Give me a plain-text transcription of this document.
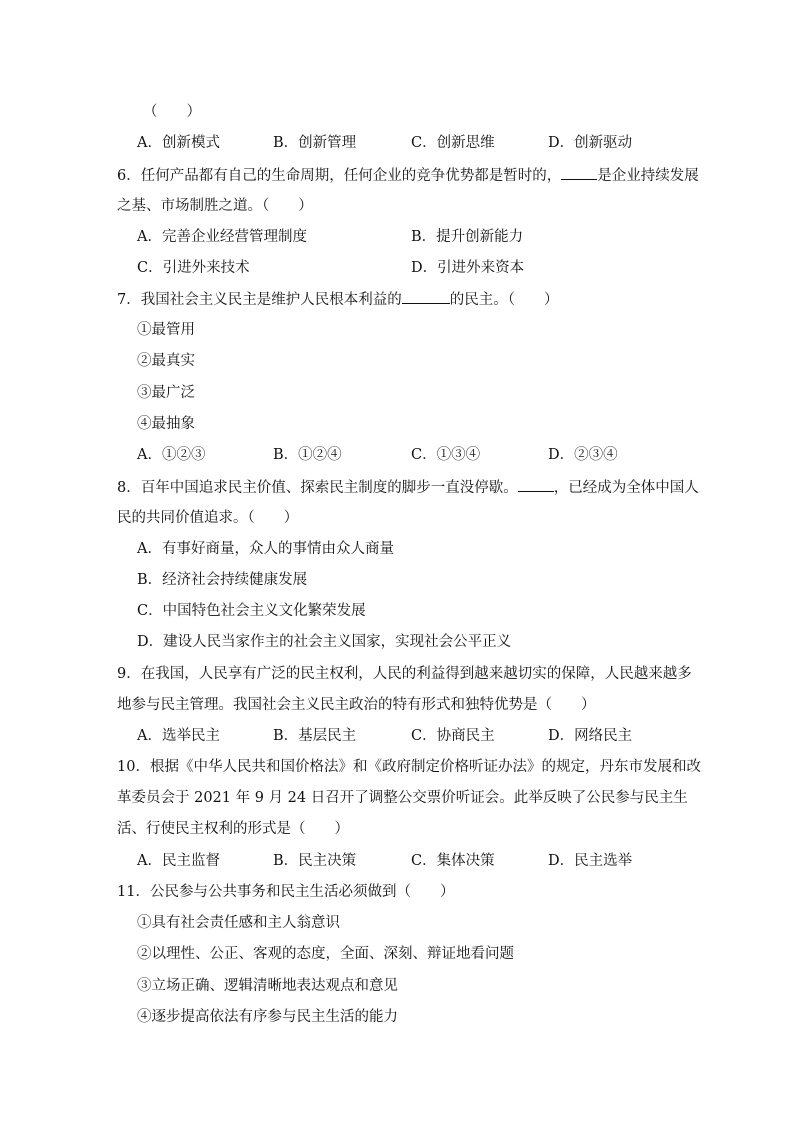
（　　）
A．创新模式	B．创新管理	C．创新思维	D．创新驱动
6．任何产品都有自己的生命周期，任何企业的竞争优势都是暂时的， 是企业持续发展
之基、市场制胜之道。（　　）
A．完善企业经营管理制度	B．提升创新能力
C．引进外来技术	D．引进外来资本
7．我国社会主义民主是维护人民根本利益的	的民主。（　　）
①最管用
②最真实
③最广泛
④最抽象
A．①②③	B．①②④	C．①③④	D．②③④
8．百年中国追求民主价值、探索民主制度的脚步一直没停歇。 ，已经成为全体中国人
民的共同价值追求。（　　）
A．有事好商量，众人的事情由众人商量
B．经济社会持续健康发展
C．中国特色社会主义文化繁荣发展
D．建设人民当家作主的社会主义国家，实现社会公平正义
9．在我国，人民享有广泛的民主权利，人民的利益得到越来越切实的保障，人民越来越多
地参与民主管理。我国社会主义民主政治的特有形式和独特优势是（　　）
A．选举民主	B．基层民主	C．协商民主	D．网络民主
10．根据《中华人民共和国价格法》和《政府制定价格听证办法》的规定，丹东市发展和改
革委员会于 2021 年 9 月 24 日召开了调整公交票价听证会。此举反映了公民参与民主生
活、行使民主权利的形式是（　　）
A．民主监督	B．民主决策	C．集体决策	D．民主选举
11．公民参与公共事务和民主生活必须做到（　　）
①具有社会责任感和主人翁意识
②以理性、公正、客观的态度，全面、深刻、辩证地看问题
③立场正确、逻辑清晰地表达观点和意见
④逐步提高依法有序参与民主生活的能力
